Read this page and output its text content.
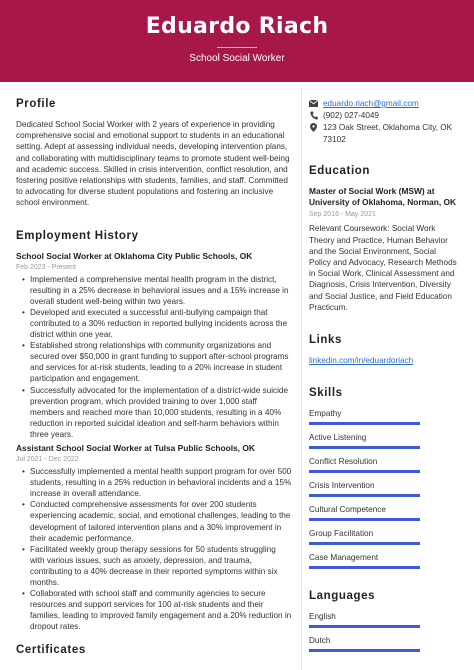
Eduardo Riach
School Social Worker
Profile
Dedicated School Social Worker with 2 years of experience in providing comprehensive social and emotional support to students in an educational setting. Adept at assessing individual needs, developing intervention plans, and collaborating with multidisciplinary teams to promote student well-being and academic success. Skilled in crisis intervention, conflict resolution, and fostering positive relationships with students, families, and staff. Committed to advocating for diverse student populations and fostering an inclusive school environment.
Employment History
School Social Worker at Oklahoma City Public Schools, OK
Feb 2023 - Present
• Implemented a comprehensive mental health program in the district, resulting in a 25% decrease in behavioral issues and a 15% increase in overall student well-being within two years.
• Developed and executed a successful anti-bullying campaign that contributed to a 30% reduction in reported bullying incidents across the district within one year.
• Established strong relationships with community organizations and secured over $50,000 in grant funding to support after-school programs and services for at-risk students, leading to a 20% increase in student participation and engagement.
• Successfully advocated for the implementation of a district-wide suicide prevention program, which provided training to over 1,000 staff members and reached more than 10,000 students, resulting in a 40% reduction in reported suicidal ideation and self-harm behaviors within three years.
Assistant School Social Worker at Tulsa Public Schools, OK
Jul 2021 - Dec 2022
• Successfully implemented a mental health support program for over 500 students, resulting in a 25% reduction in behavioral incidents and a 15% increase in overall attendance.
• Conducted comprehensive assessments for over 200 students experiencing academic, social, and emotional challenges, leading to the development of tailored intervention plans and a 30% improvement in their academic performance.
• Facilitated weekly group therapy sessions for 50 students struggling with various issues, such as anxiety, depression, and trauma, contributing to a 40% decrease in their reported symptoms within six months.
• Collaborated with school staff and community agencies to secure resources and support services for 100 at-risk students and their families, leading to improved family engagement and a 20% reduction in dropout rates.
Certificates
eduardo.riach@gmail.com
(902) 027-4049
123 Oak Street, Oklahoma City, OK 73102
Education
Master of Social Work (MSW) at University of Oklahoma, Norman, OK
Sep 2016 - May 2021
Relevant Coursework: Social Work Theory and Practice, Human Behavior and the Social Environment, Social Policy and Advocacy, Research Methods in Social Work, Clinical Assessment and Diagnosis, Crisis Intervention, Diversity and Social Justice, and Field Education Practicum.
Links
linkedin.com/in/eduardoriach
Skills
Empathy
Active Listening
Conflict Resolution
Crisis Intervention
Cultural Competence
Group Facilitation
Case Management
Languages
English
Dutch
